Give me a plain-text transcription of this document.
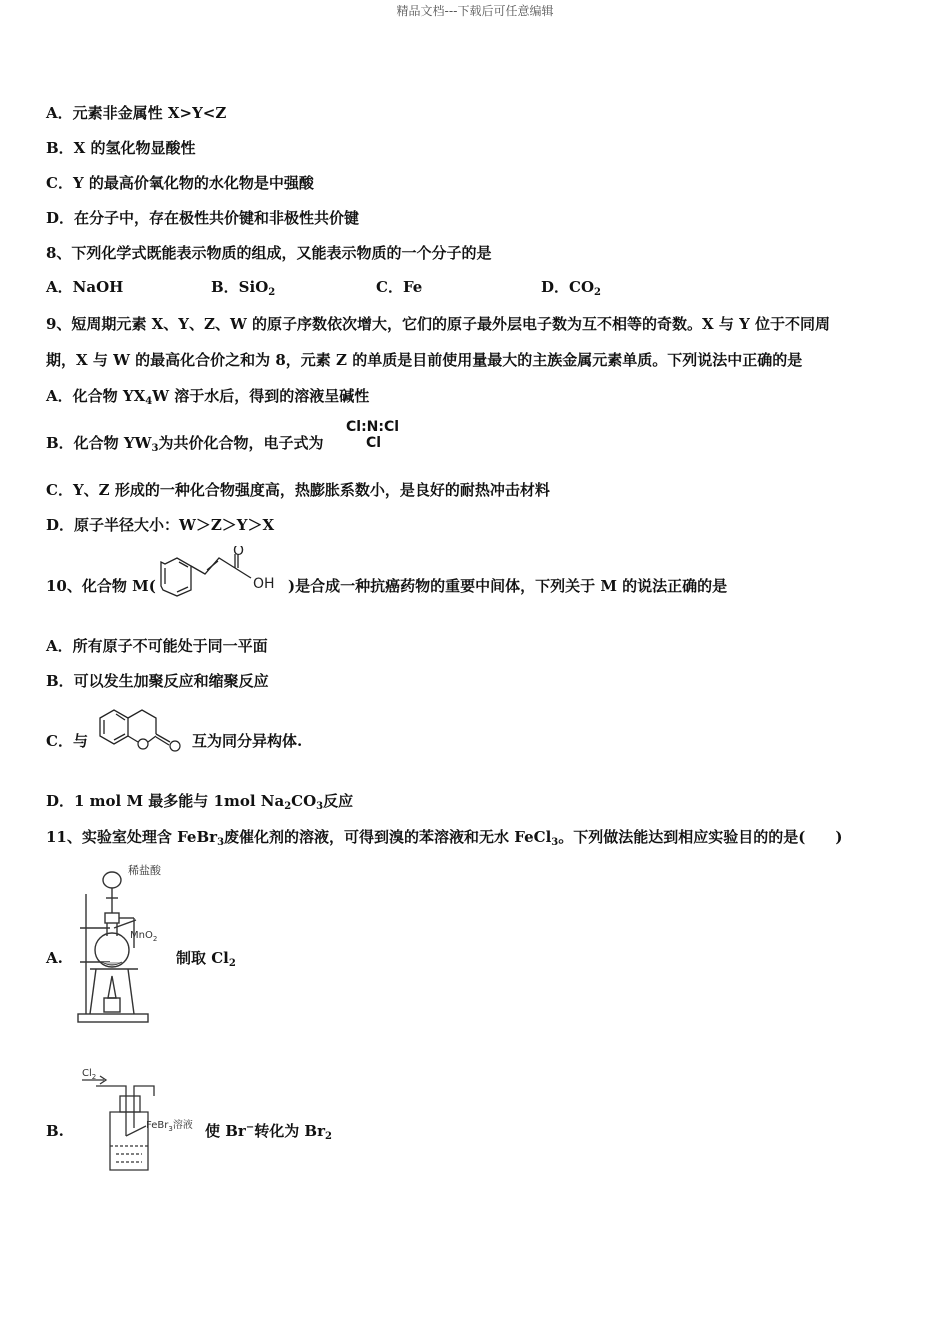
精品文档---下载后可任意编辑
A．元素非金属性 X>Y<Z
B．X 的氢化物显酸性
C．Y 的最高价氧化物的水化物是中强酸
D．在分子中，存在极性共价键和非极性共价键
8、下列化学式既能表示物质的组成，又能表示物质的一个分子的是
A．NaOH	B．SiO$_2$	C．Fe	D．$CO_2$
9、短周期元素 X、Y、Z、W 的原子序数依次增大，它们的原子最外层电子数为互不相等的奇数。X 与 Y 位于不同周
期，X 与 W 的最高化合价之和为 8，元素 Z 的单质是目前使用量最大的主族金属元素单质。下列说法中正确的是
A．化合物 $YX_4W$ 溶于水后，得到的溶液呈碱性
B．化合物 $YW_3$为共价化合物，电子式为
Cl:N:Cl
Cl
C．Y、Z 形成的一种化合物强度高，热膨胀系数小，是良好的耐热冲击材料
D．原子半径大小：W＞Z＞Y＞X
10、化合物 M(
O
OH )是合成一种抗癌药物的重要中间体，下列关于 M 的说法正确的是
A．所有原子不可能处于同一平面
B．可以发生加聚反应和缩聚反应
C．与	互为同分异构体.
D．1 mol M 最多能与 1mol $Na_2CO_3$反应
11、实验室处理含 FeBr$_3$废催化剂的溶液，可得到溴的苯溶液和无水 FeCl$_3$。下列做法能达到相应实验目的的是(　　)
A.
稀盐酸
MnO$_2$
制取 $Cl_2$
B.
$Cl_2$
FeBr$_3$溶液 使 Br−转化为 $Br_2$
